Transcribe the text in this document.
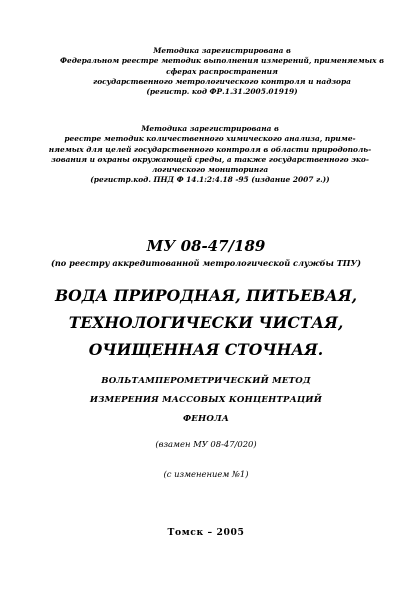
Методика зарегистрирована в
Федеральном реестре методик выполнения измерений, применяемых в
сферах распространения
государственного метрологического контроля и надзора
(регистр. код ФР.1.31.2005.01919)
Методика зарегистрирована в
реестре методик количественного химического анализа, приме-
няемых для целей государственного контроля в области природополь-
зования и охраны окружающей среды, а также государственного эко-
логического мониторинга
(регистр.код. ПНД Ф 14.1:2:4.18 -95 (издание 2007 г.))
МУ 08-47/189
(по реестру аккредитованной метрологической службы ТПУ)
ВОДА ПРИРОДНАЯ, ПИТЬЕВАЯ,
ТЕХНОЛОГИЧЕСКИ ЧИСТАЯ,
ОЧИЩЕННАЯ СТОЧНАЯ.
ВОЛЬТАМПЕРОМЕТРИЧЕСКИЙ МЕТОД
ИЗМЕРЕНИЯ МАССОВЫХ КОНЦЕНТРАЦИЙ
ФЕНОЛА
(взамен МУ 08-47/020)
(с изменением №1)
Томск – 2005
